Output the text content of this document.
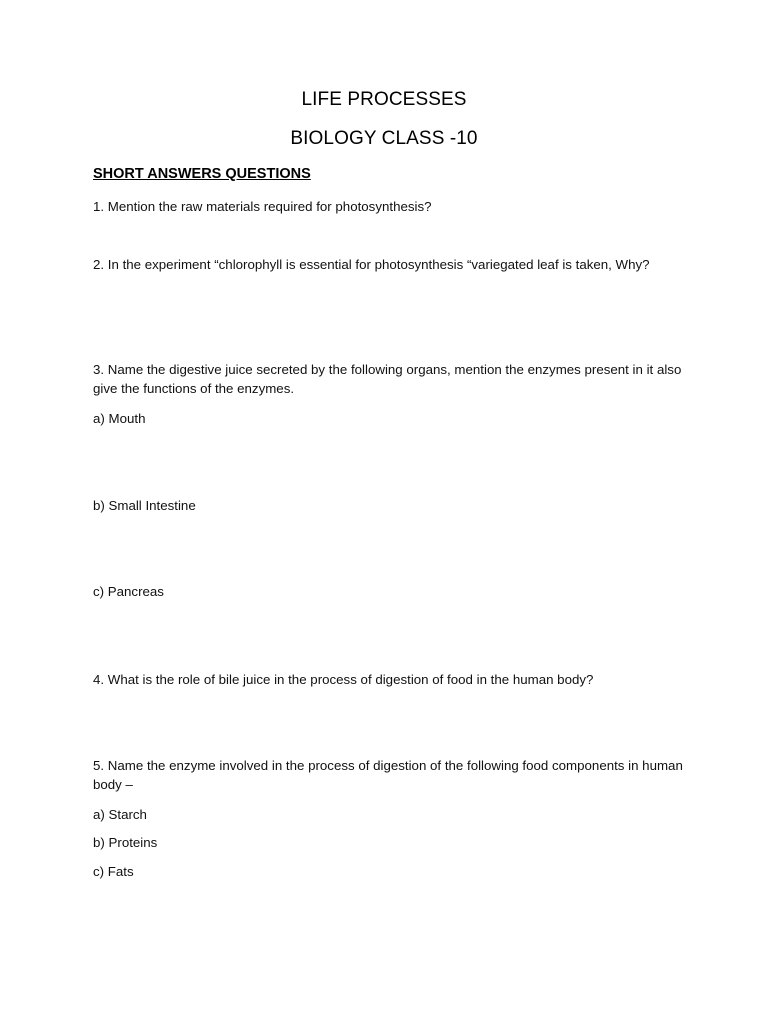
LIFE PROCESSES
BIOLOGY CLASS -10
SHORT ANSWERS QUESTIONS
1. Mention the raw materials required for photosynthesis?
2. In the experiment “chlorophyll is essential for photosynthesis “variegated leaf is taken, Why?
3. Name the digestive juice secreted by the following organs, mention the enzymes present in it also give the functions of the enzymes.
a) Mouth
b) Small Intestine
c) Pancreas
4. What is the role of bile juice in the process of digestion of food in the human body?
5. Name the enzyme involved in the process of digestion of the following food components in human body –
a) Starch
b) Proteins
c) Fats
